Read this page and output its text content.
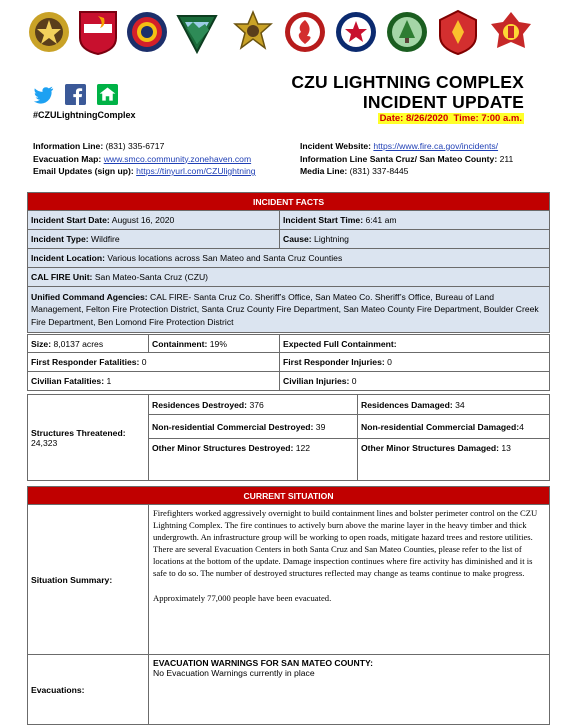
#CZULightningComplex
CZU LIGHTNING COMPLEX
INCIDENT UPDATE
Date: 8/26/2020 Time: 7:00 a.m.
Information Line: (831) 335-6717
Evacuation Map: www.smco.community.zonehaven.com
Email Updates (sign up): https://tinyurl.com/CZUlightning
Incident Website: https://www.fire.ca.gov/incidents/
Information Line Santa Cruz/ San Mateo County: 211
Media Line: (831) 337-8445
INCIDENT FACTS	
Incident Start Date: August 16, 2020	Incident Start Time: 6:41 am
Incident Type: Wildfire	Cause: Lightning
Incident Location: Various locations across San Mateo and Santa Cruz Counties	
CAL FIRE Unit: San Mateo-Santa Cruz (CZU)	
Unified Command Agencies: CAL FIRE- Santa Cruz Co. Sheriff’s Office, San Mateo Co. Sheriff’s Office, Bureau of Land Management, Felton Fire Protection District, Santa Cruz County Fire Department, San Mateo County Fire Department, Boulder Creek Fire Department, Ben Lomond Fire Protection District	
Size: 8,0137 acres	Containment: 19%	Expected Full Containment:
First Responder Fatalities: 0		First Responder Injuries: 0
Civilian Fatalities: 1		Civilian Injuries: 0
Structures Threatened:
24,323	Residences Destroyed: 376	Residences Damaged: 34
	Non-residential Commercial Destroyed: 39	Non-residential Commercial Damaged:4
	Other Minor Structures Destroyed: 122	Other Minor Structures Damaged: 13
CURRENT SITUATION	
Situation Summary:	Firefighters worked aggressively overnight to build containment lines and bolster perimeter control on the CZU Lightning Complex. The fire continues to actively burn above the marine layer in the heavy timber and thick undergrowth. An infrastructure group will be working to open roads, mitigate hazard trees and restore utilities. There are several Evacuation Centers in both Santa Cruz and San Mateo Counties, please refer to the list of locations at the bottom of the update. Damage inspection continues where fire activity has diminished and it is safe to do so. The number of destroyed structures reflected may change as teams continue to make progress.
Approximately 77,000 people have been evacuated.

Evacuations:	EVACUATION WARNINGS FOR SAN MATEO COUNTY:
No Evacuation Warnings currently in place
